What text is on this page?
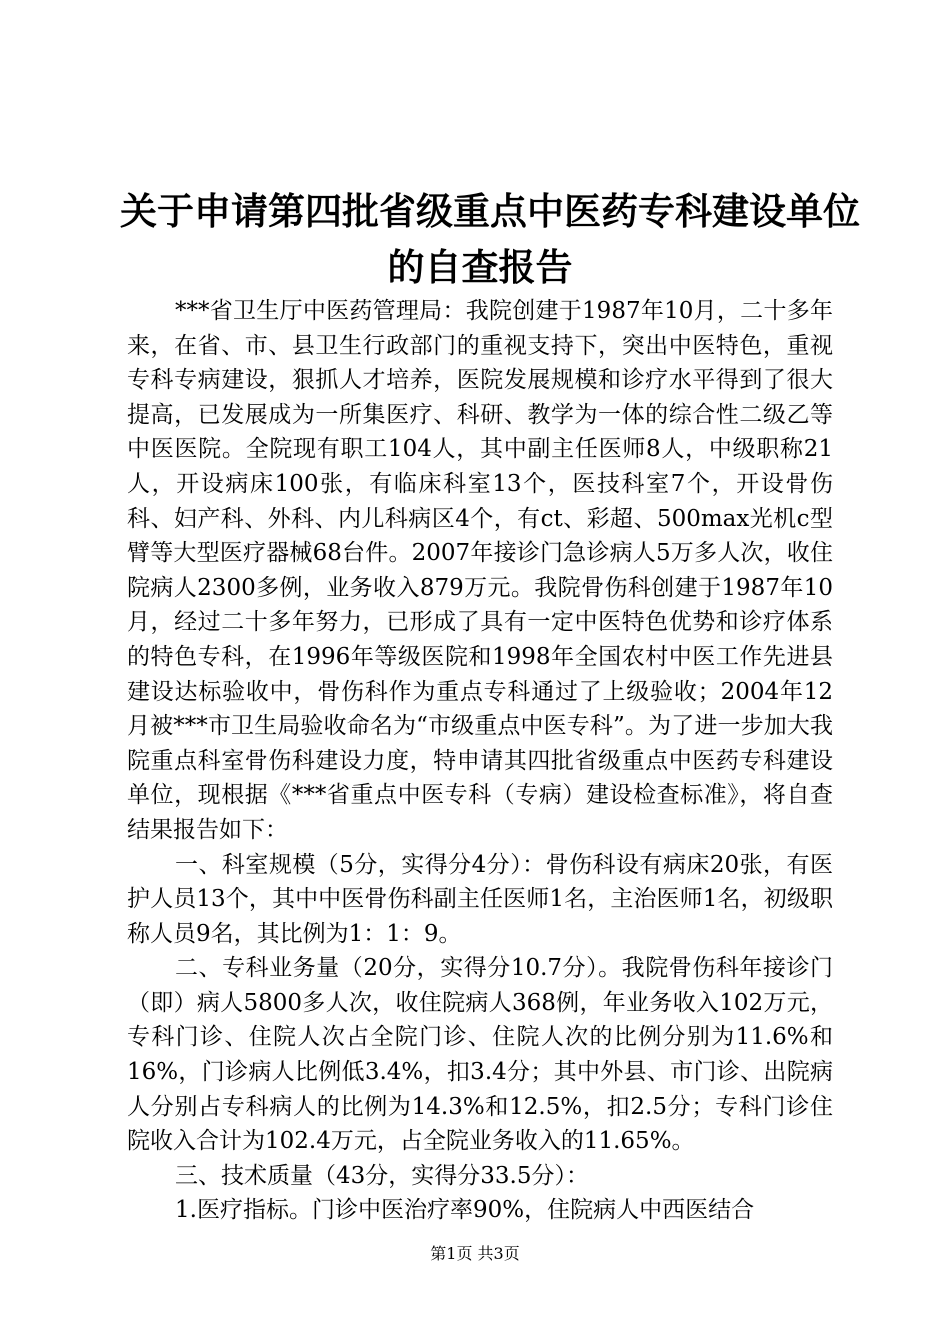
关于申请第四批省级重点中医药专科建设单位
的自查报告

***省卫生厅中医药管理局：我院创建于1987年10月，二十多年来，在省、市、县卫生行政部门的重视支持下，突出中医特色，重视专科专病建设，狠抓人才培养，医院发展规模和诊疗水平得到了很大提高，已发展成为一所集医疗、科研、教学为一体的综合性二级乙等中医医院。全院现有职工104人，其中副主任医师8人，中级职称21人，开设病床100张，有临床科室13个，医技科室7个，开设骨伤科、妇产科、外科、内儿科病区4个，有ct、彩超、500max光机c型臂等大型医疗器械68台件。2007年接诊门急诊病人5万多人次，收住院病人2300多例，业务收入879万元。我院骨伤科创建于1987年10月，经过二十多年努力，已形成了具有一定中医特色优势和诊疗体系的特色专科，在1996年等级医院和1998年全国农村中医工作先进县建设达标验收中，骨伤科作为重点专科通过了上级验收；2004年12月被***市卫生局验收命名为“市级重点中医专科”。为了进一步加大我院重点科室骨伤科建设力度，特申请其四批省级重点中医药专科建设单位，现根据《***省重点中医专科（专病）建设检查标准》，将自查结果报告如下：

一、科室规模（5分，实得分4分）：骨伤科设有病床20张，有医护人员13个，其中中医骨伤科副主任医师1名，主治医师1名，初级职称人员9名，其比例为1：1：9。

二、专科业务量（20分，实得分10.7分）。我院骨伤科年接诊门（即）病人5800多人次，收住院病人368例，年业务收入102万元，专科门诊、住院人次占全院门诊、住院人次的比例分别为11.6%和16%，门诊病人比例低3.4%，扣3.4分；其中外县、市门诊、出院病人分别占专科病人的比例为14.3%和12.5%，扣2.5分；专科门诊住院收入合计为102.4万元，占全院业务收入的11.65%。

三、技术质量（43分，实得分33.5分）：

1.医疗指标。门诊中医治疗率90%，住院病人中西医结合

第1页 共3页
